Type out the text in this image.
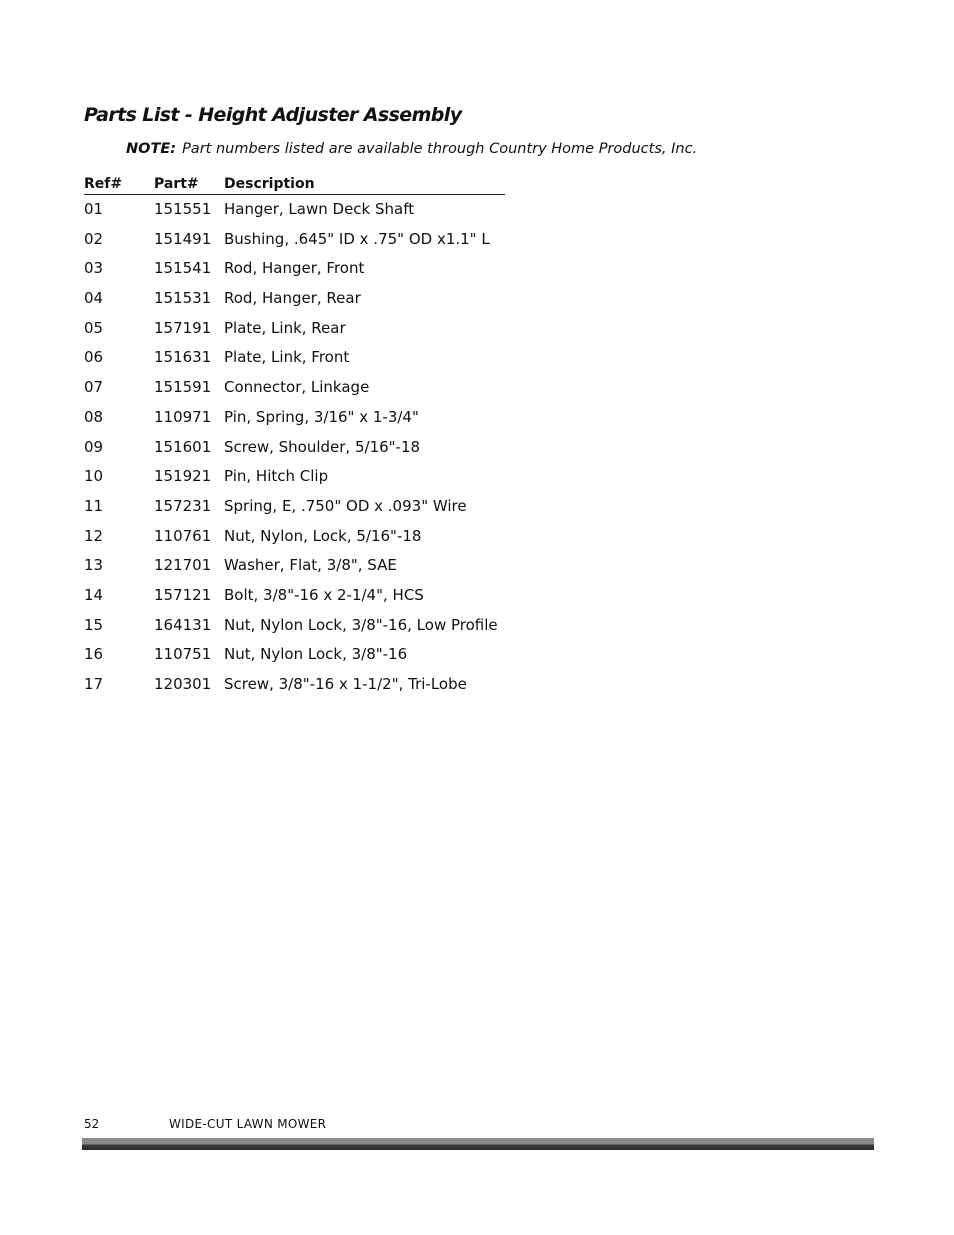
Parts List - Height Adjuster Assembly
NOTE: Part numbers listed are available through Country Home Products, Inc.
Ref#	Part#	Description
01	151551 Hanger, Lawn Deck Shaft
02	151491 Bushing, .645" ID x .75" OD x1.1" L
03	151541 Rod, Hanger, Front
04	151531 Rod, Hanger, Rear
05	157191 Plate, Link, Rear
06	151631 Plate, Link, Front
07	151591 Connector, Linkage
08	110971 Pin, Spring, 3/16" x 1-3/4"
09	151601 Screw, Shoulder, 5/16"-18
10	151921 Pin, Hitch Clip
11	157231 Spring, E, .750" OD x .093" Wire
12	110761 Nut, Nylon, Lock, 5/16"-18
13	121701 Washer, Flat, 3/8", SAE
14	157121 Bolt, 3/8"-16 x 2-1/4", HCS
15	164131 Nut, Nylon Lock, 3/8"-16, Low Profile
16	110751 Nut, Nylon Lock, 3/8"-16
17	120301 Screw, 3/8"-16 x 1-1/2", Tri-Lobe
52	WIDE-CUT LAWN MOWER
